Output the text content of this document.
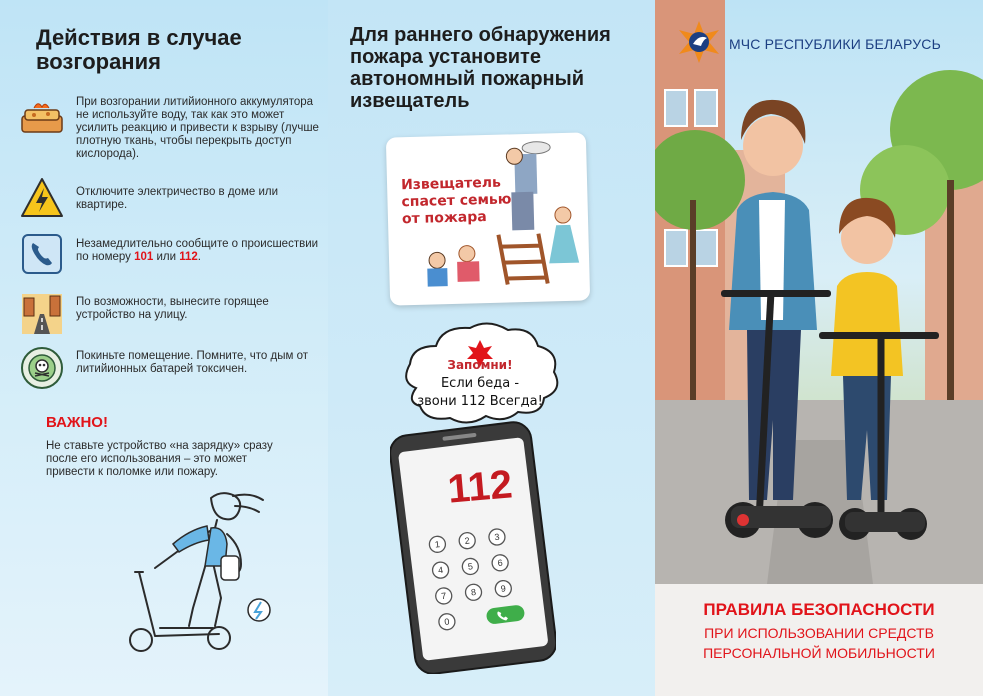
Действия в случае возгорания
При возгорании литийионного аккумулятора не используйте воду, так как это может усилить реакцию и привести к взрыву (лучше плотную ткань, чтобы перекрыть доступ кислорода).
Отключите электричество в доме или квартире.
Незамедлительно сообщите о происшествии по номеру 101 или 112.
По возможности, вынесите горящее устройство на улицу.
Покиньте помещение. Помните, что дым от литийионных батарей токсичен.
ВАЖНО!
Не ставьте устройство «на зарядку» сразу после его использования – это может привести к поломке или пожару.
Для раннего обнаружения пожара установите автономный пожарный извещатель
Извещатель спасет семью от пожара
Запомни!
Если беда -
звони 112 Всегда!
1	2	3
4	5	6
7	8	9
0
112
МЧС РЕСПУБЛИКИ БЕЛАРУСЬ
ПРАВИЛА БЕЗОПАСНОСТИ
ПРИ ИСПОЛЬЗОВАНИИ СРЕДСТВ
ПЕРСОНАЛЬНОЙ МОБИЛЬНОСТИ
